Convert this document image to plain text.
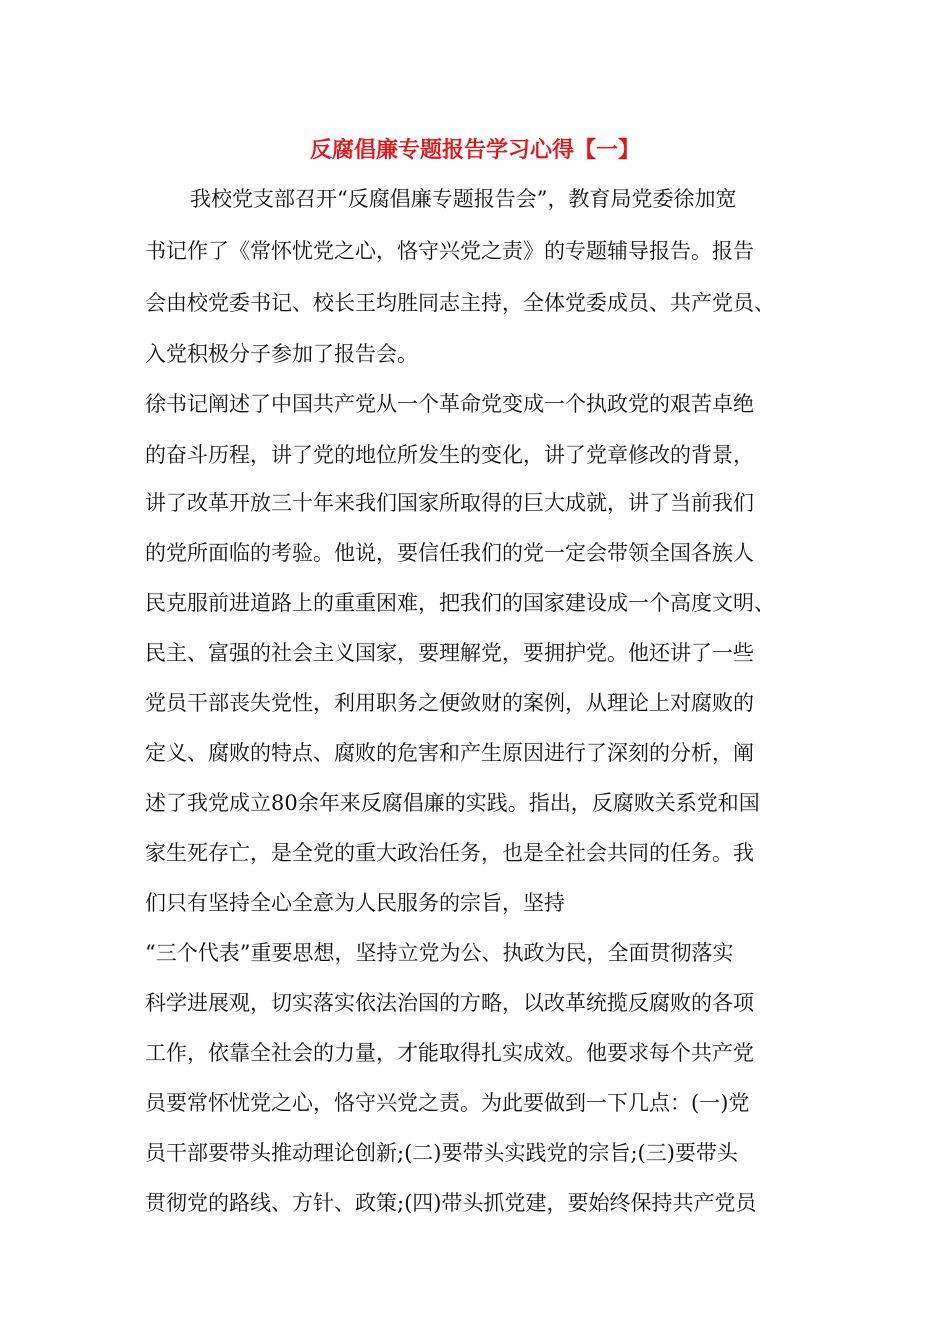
反腐倡廉专题报告学习心得【一】
我校党支部召开“反腐倡廉专题报告会”，教育局党委徐加宽
书记作了《常怀忧党之心，恪守兴党之责》的专题辅导报告。报告
会由校党委书记、校长王均胜同志主持，全体党委成员、共产党员、
入党积极分子参加了报告会。
徐书记阐述了中国共产党从一个革命党变成一个执政党的艰苦卓绝
的奋斗历程，讲了党的地位所发生的变化，讲了党章修改的背景，
讲了改革开放三十年来我们国家所取得的巨大成就，讲了当前我们
的党所面临的考验。他说，要信任我们的党一定会带领全国各族人
民克服前进道路上的重重困难，把我们的国家建设成一个高度文明、
民主、富强的社会主义国家，要理解党，要拥护党。他还讲了一些
党员干部丧失党性，利用职务之便敛财的案例，从理论上对腐败的
定义、腐败的特点、腐败的危害和产生原因进行了深刻的分析，阐
述了我党成立80余年来反腐倡廉的实践。指出，反腐败关系党和国
家生死存亡，是全党的重大政治任务，也是全社会共同的任务。我
们只有坚持全心全意为人民服务的宗旨，坚持
“三个代表”重要思想，坚持立党为公、执政为民，全面贯彻落实
科学进展观，切实落实依法治国的方略，以改革统揽反腐败的各项
工作，依靠全社会的力量，才能取得扎实成效。他要求每个共产党
员要常怀忧党之心，恪守兴党之责。为此要做到一下几点：(一)党
员干部要带头推动理论创新;(二)要带头实践党的宗旨;(三)要带头
贯彻党的路线、方针、政策;(四)带头抓党建，要始终保持共产党员
